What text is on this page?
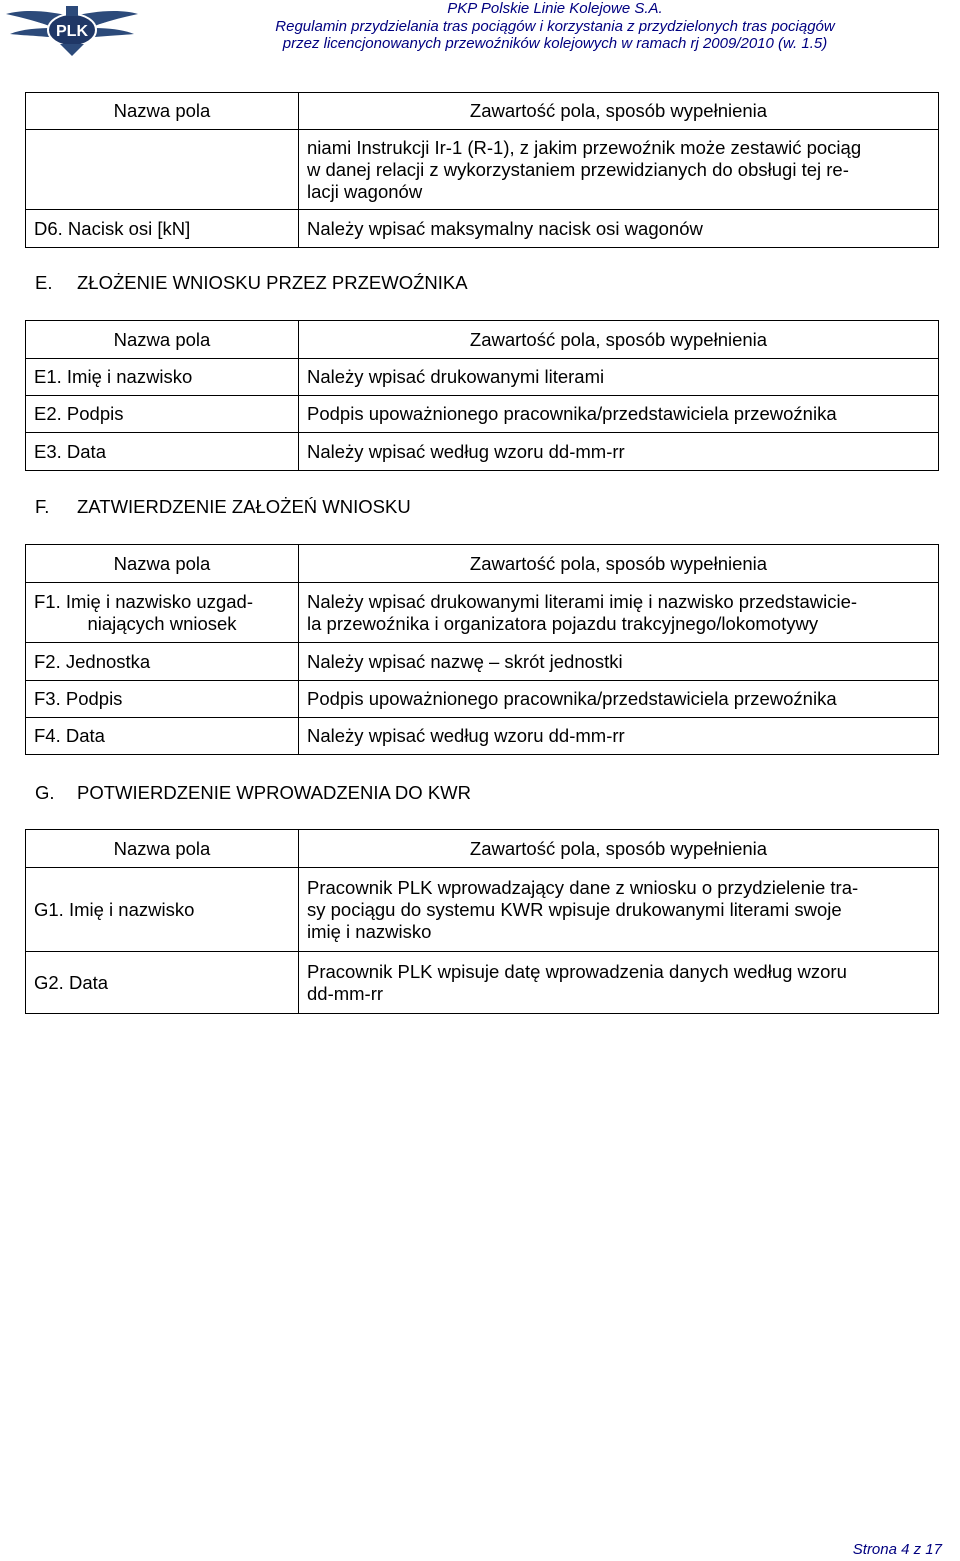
PLK
PKP Polskie Linie Kolejowe S.A.
Regulamin przydzielania tras pociągów i korzystania z przydzielonych tras pociągów
przez licencjonowanych przewoźników kolejowych w ramach rj 2009/2010 (w. 1.5)
Nazwa pola	Zawartość pola, sposób wypełnienia

	niami Instrukcji Ir-1 (R-1), z jakim przewoźnik może zestawić pociąg
w danej relacji z wykorzystaniem przewidzianych do obsługi tej re-
lacji wagonów

D6. Nacisk osi [kN]	Należy wpisać maksymalny nacisk osi wagonów
E. ZŁOŻENIE WNIOSKU PRZEZ PRZEWOŹNIKA
Nazwa pola	Zawartość pola, sposób wypełnienia
E1. Imię i nazwisko	Należy wpisać drukowanymi literami
E2. Podpis	Podpis upoważnionego pracownika/przedstawiciela przewoźnika
E3. Data	Należy wpisać według wzoru dd-mm-rr
F. ZATWIERDZENIE ZAŁOŻEŃ WNIOSKU
Nazwa pola	Zawartość pola, sposób wypełnienia

F1. Imię i nazwisko uzgad-
niających wniosek	Należy wpisać drukowanymi literami imię i nazwisko przedstawicie-
la przewoźnika i organizatora pojazdu trakcyjnego/lokomotywy

F2. Jednostka	Należy wpisać nazwę – skrót jednostki
F3. Podpis	Podpis upoważnionego pracownika/przedstawiciela przewoźnika
F4. Data	Należy wpisać według wzoru dd-mm-rr
G. POTWIERDZENIE WPROWADZENIA DO KWR
Nazwa pola	Zawartość pola, sposób wypełnienia
G1. Imię i nazwisko	Pracownik PLK wprowadzający dane z wniosku o przydzielenie tra-
sy pociągu do systemu KWR wpisuje drukowanymi literami swoje
imię i nazwisko

G2. Data	Pracownik PLK wpisuje datę wprowadzenia danych według wzoru
dd-mm-rr
Strona 4 z 17
